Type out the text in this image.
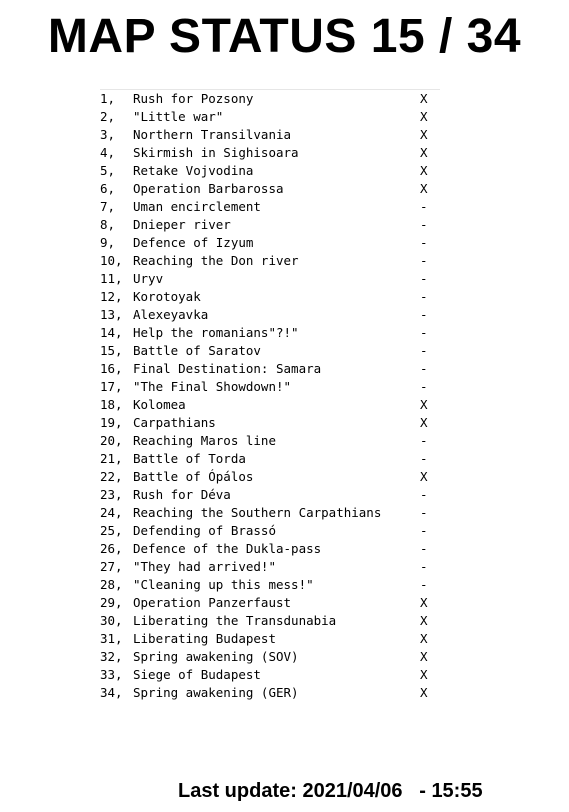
MAP STATUS 15 / 34
1, Rush for Pozsony	X
2, "Little war"	X
3, Northern Transilvania	X
4, Skirmish in Sighisoara	X
5, Retake Vojvodina	X
6, Operation Barbarossa	X
7, Uman encirclement	-
8, Dnieper river	-
9, Defence of Izyum	-
10, Reaching the Don river	-
11, Uryv	-
12, Korotoyak	-
13, Alexeyavka	-
14, Help the romanians"?!"	-
15, Battle of Saratov	-
16, Final Destination: Samara	-
17, "The Final Showdown!"	-
18, Kolomea	X
19, Carpathians	X
20, Reaching Maros line	-
21, Battle of Torda	-
22, Battle of Ópálos	X
23, Rush for Déva	-
24, Reaching the Southern Carpathians	-
25, Defending of Brassó	-
26, Defence of the Dukla-pass	-
27, "They had arrived!"	-
28, "Cleaning up this mess!"	-
29, Operation Panzerfaust	X
30, Liberating the Transdunabia	X
31, Liberating Budapest	X
32, Spring awakening (SOV)	X
33, Siege of Budapest	X
34, Spring awakening (GER)	X
Last update: 2021/04/06   - 15:55
